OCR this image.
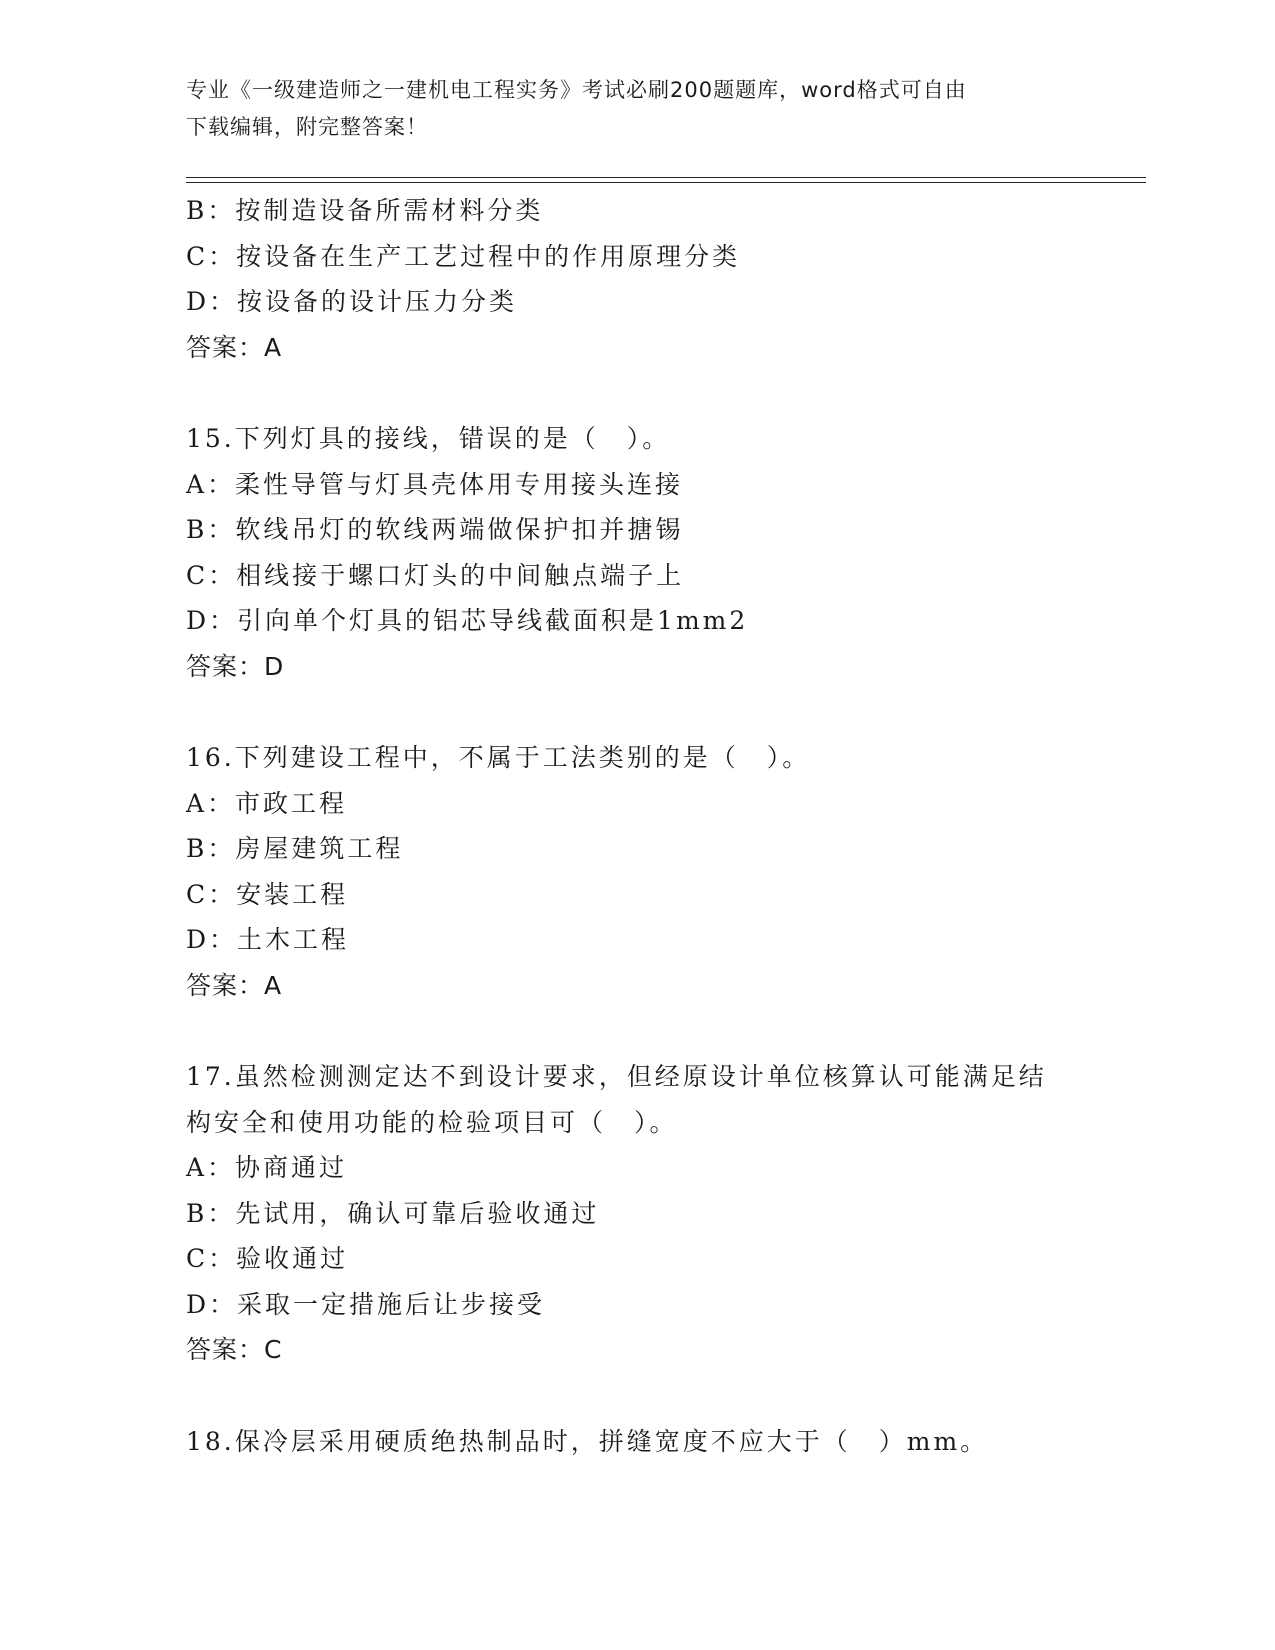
专业《一级建造师之一建机电工程实务》考试必刷200题题库，word格式可自由
下载编辑，附完整答案！
B：按制造设备所需材料分类
C：按设备在生产工艺过程中的作用原理分类
D：按设备的设计压力分类
答案：A
15.下列灯具的接线，错误的是（　）。
A：柔性导管与灯具壳体用专用接头连接
B：软线吊灯的软线两端做保护扣并搪锡
C：相线接于螺口灯头的中间触点端子上
D：引向单个灯具的铝芯导线截面积是1mm2
答案：D
16.下列建设工程中，不属于工法类别的是（　）。
A：市政工程
B：房屋建筑工程
C：安装工程
D：土木工程
答案：A
17.虽然检测测定达不到设计要求，但经原设计单位核算认可能满足结
构安全和使用功能的检验项目可（　）。
A：协商通过
B：先试用，确认可靠后验收通过
C：验收通过
D：采取一定措施后让步接受
答案：C
18.保冷层采用硬质绝热制品时，拼缝宽度不应大于（　）mm。
